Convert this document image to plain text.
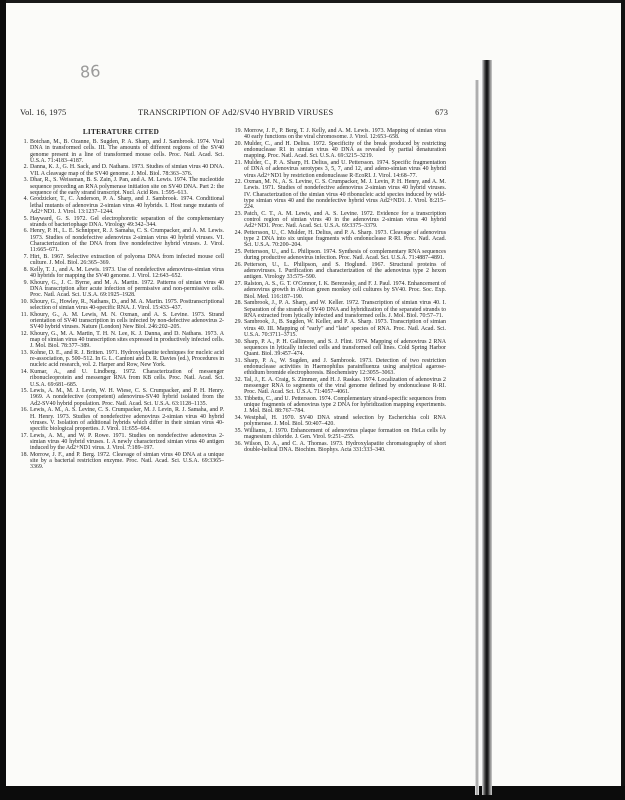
86
Vol. 16, 1975	TRANSCRIPTION OF Ad2/SV40 HYBRID VIRUSES	673
LITERATURE CITED
1. Botchan, M., B. Ozanne, B. Sugden, P. A. Sharp, and J. Sambrook. 1974. Viral DNA in transformed cells. III. The amounts of different regions of the SV40 genome present in a line of transformed mouse cells. Proc. Natl. Acad. Sci. U.S.A. 71:4183–4187.
2. Danna, K. J., G. H. Sack, and D. Nathans. 1973. Studies of simian virus 40 DNA. VII. A cleavage map of the SV40 genome. J. Mol. Biol. 78:363–376.
3. Dhar, R., S. Weissman, B. S. Zain, J. Pan, and A. M. Lewis. 1974. The nucleotide sequence preceding an RNA polymerase initiation site on SV40 DNA. Part 2: the sequence of the early strand transcript. Nucl. Acid Res. 1:595–613.
4. Grodzicker, T., C. Anderson, P. A. Sharp, and J. Sambrook. 1974. Conditional lethal mutants of adenovirus 2-simian virus 40 hybrids. I. Host range mutants of Ad2+ND1. J. Virol. 13:1237–1244.
5. Hayward, G. S. 1972. Gel electrophoretic separation of the complementary strands of bacteriophage DNA. Virology 49:342–344.
6. Henry, P. H., L. E. Schnipper, R. J. Samaha, C. S. Crumpacker, and A. M. Lewis. 1973. Studies of nondefective adenovirus 2-simian virus 40 hybrid viruses. VI. Characterization of the DNA from five nondefective hybrid viruses. J. Virol. 11:665–671.
7. Hirt, B. 1967. Selective extraction of polyoma DNA from infected mouse cell culture. J. Mol. Biol. 26:365–369.
8. Kelly, T. J., and A. M. Lewis. 1973. Use of nondefective adenovirus-simian virus 40 hybrids for mapping the SV40 genome. J. Virol. 12:643–652.
9. Khoury, G., J. C. Byrne, and M. A. Martin. 1972. Patterns of simian virus 40 DNA transcription after acute infection of permissive and non-permissive cells. Proc. Natl. Acad. Sci. U.S.A. 69:1925–1928.
10. Khoury, G., Howley, R., Nathans, D., and M. A. Martin. 1975. Posttranscriptional selection of simian virus 40-specific RNA. J. Virol. 15:433–437.
11. Khoury, G., A. M. Lewis, M. N. Oxman, and A. S. Levine. 1973. Strand orientation of SV40 transcription in cells infected by non-defective adenovirus 2-SV40 hybrid viruses. Nature (London) New Biol. 246:202–205.
12. Khoury, G., M. A. Martin, T. H. N. Lee, K. J. Danna, and D. Nathans. 1973. A map of simian virus 40 transcription sites expressed in productively infected cells. J. Mol. Biol. 78:377–389.
13. Kohne, D. E., and R. J. Britten. 1971. Hydroxylapatite techniques for nucleic acid re-association, p. 500–512. In G. L. Cantoni and D. R. Davies (ed.), Procedures in nucleic acid research, vol. 2. Harper and Row, New York.
14. Kumar, A., and U. Lindberg. 1972. Characterization of messenger ribonucleoprotein and messenger RNA from KB cells. Proc. Natl. Acad. Sci. U.S.A. 69:681–685.
15. Lewis, A. M., M. J. Levin, W. H. Wiese, C. S. Crumpacker, and P. H. Henry. 1969. A nondefective (competent) adenovirus-SV40 hybrid isolated from the Ad2-SV40 hybrid population. Proc. Natl. Acad. Sci. U.S.A. 63:1128–1135.
16. Lewis, A. M., A. S. Levine, C. S. Crumpacker, M. J. Levin, R. J. Samaha, and P. H. Henry. 1973. Studies of nondefective adenovirus 2-simian virus 40 hybrid viruses. V. Isolation of additional hybrids which differ in their simian virus 40-specific biological properties. J. Virol. 11:655–664.
17. Lewis, A. M., and W. P. Rowe. 1971. Studies on nondefective adenovirus 2-simian virus 40 hybrid viruses. I. A newly characterized simian virus 40 antigen induced by the Ad2+ND1 virus. J. Virol. 7:189–197.
18. Morrow, J. F., and P. Berg. 1972. Cleavage of simian virus 40 DNA at a unique site by a bacterial restriction enzyme. Proc. Natl. Acad. Sci. U.S.A. 69:3365–3369.
19. Morrow, J. F., P. Berg, T. J. Kelly, and A. M. Lewis. 1973. Mapping of simian virus 40 early functions on the viral chromosome. J. Virol. 12:653–658.
20. Mulder, C., and H. Delius. 1972. Specificity of the break produced by restricting endonuclease R1 in simian virus 40 DNA as revealed by partial denaturation mapping. Proc. Natl. Acad. Sci. U.S.A. 69:3215–3219.
21. Mulder, C., P. A. Sharp, H. Delius, and U. Pettersson. 1974. Specific fragmentation of DNA of adenovirus serotypes 3, 5, 7, and 12, and adeno-simian virus 40 hybrid virus Ad2+ND1 by restriction endonuclease R·EcoRI. J. Virol. 14:68–77.
22. Oxman, M. N., A. S. Levine, C. S. Crumpacker, M. J. Levin, P. H. Henry, and A. M. Lewis. 1971. Studies of nondefective adenovirus 2-simian virus 40 hybrid viruses. IV. Characterization of the simian virus 40 ribonucleic acid species induced by wild-type simian virus 40 and the nondefective hybrid virus Ad2+ND1. J. Virol. 8:215–224.
23. Patch, C. T., A. M. Lewis, and A. S. Levine. 1972. Evidence for a transcription control region of simian virus 40 in the adenovirus 2-simian virus 40 hybrid Ad2+ND1. Proc. Natl. Acad. Sci. U.S.A. 69:3375–3379.
24. Pettersson, U., C. Mulder, H. Delius, and P. A. Sharp. 1973. Cleavage of adenovirus type 2 DNA into six unique fragments with endonuclease R·RI. Proc. Natl. Acad. Sci. U.S.A. 70:200–204.
25. Pettersson, U., and L. Philipson. 1974. Synthesis of complementary RNA sequences during productive adenovirus infection. Proc. Natl. Acad. Sci. U.S.A. 71:4887–4891.
26. Petterson, U., L. Philipson, and S. Hoglund. 1967. Structural proteins of adenoviruses. I. Purification and characterization of the adenovirus type 2 hexon antigen. Virology 33:575–590.
27. Ralston, A. S., G. T. O'Connor, I. K. Berezesky, and F. J. Paul. 1974. Enhancement of adenovirus growth in African green monkey cell cultures by SV40. Proc. Soc. Exp. Biol. Med. 116:187–190.
28. Sambrook, J., P. A. Sharp, and W. Keller. 1972. Transcription of simian virus 40. I. Separation of the strands of SV40 DNA and hybridization of the separated strands to RNA extracted from lytically infected and transformed cells. J. Mol. Biol. 70:57–71.
29. Sambrook, J., B. Sugden, W. Keller, and P. A. Sharp. 1973. Transcription of simian virus 40. III. Mapping of "early" and "late" species of RNA. Proc. Natl. Acad. Sci. U.S.A. 70:3711–3715.
30. Sharp, P. A., P. H. Gallimore, and S. J. Flint. 1974. Mapping of adenovirus 2 RNA sequences in lytically infected cells and transformed cell lines. Cold Spring Harbor Quant. Biol. 39:457–474.
31. Sharp, P. A., W. Sugden, and J. Sambrook. 1973. Detection of two restriction endonuclease activities in Haemophilus parainfluenza using analytical agarose-ethidium bromide electrophoresis. Biochemistry 12:3055–3063.
32. Tal, J., E. A. Craig, S. Zimmer, and H. J. Raskas. 1974. Localization of adenovirus 2 messenger RNA to segments of the viral genome defined by endonuclease R·RI. Proc. Natl. Acad. Sci. U.S.A. 71:4057–4061.
33. Tibbetts, C., and U. Pettersson. 1974. Complementary strand-specific sequences from unique fragments of adenovirus type 2 DNA for hybridization mapping experiments. J. Mol. Biol. 88:767–784.
34. Westphal, H. 1970. SV40 DNA strand selection by Escherichia coli RNA polymerase. J. Mol. Biol. 50:407–420.
35. Williams, J. 1970. Enhancement of adenovirus plaque formation on HeLa cells by magnesium chloride. J. Gen. Virol. 9:251–255.
36. Wilson, D. A., and C. A. Thomas. 1973. Hydroxylapatite chromatography of short double-helical DNA. Biochim. Biophys. Acta 331:333–340.
